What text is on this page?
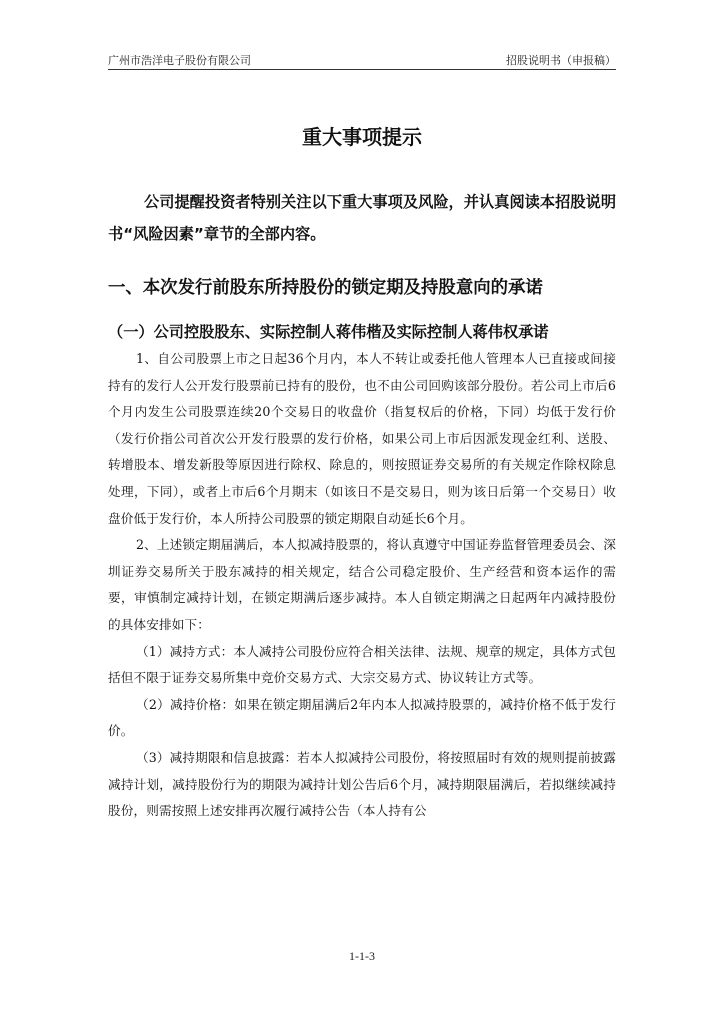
广州市浩洋电子股份有限公司	招股说明书（申报稿）
重大事项提示

公司提醒投资者特别关注以下重大事项及风险，并认真阅读本招股说明书“风险因素”章节的全部内容。

一、本次发行前股东所持股份的锁定期及持股意向的承诺
（一）公司控股股东、实际控制人蒋伟楷及实际控制人蒋伟权承诺

1、自公司股票上市之日起36个月内，本人不转让或委托他人管理本人已直接或间接持有的发行人公开发行股票前已持有的股份，也不由公司回购该部分股份。若公司上市后6个月内发生公司股票连续20个交易日的收盘价（指复权后的价格，下同）均低于发行价（发行价指公司首次公开发行股票的发行价格，如果公司上市后因派发现金红利、送股、转增股本、增发新股等原因进行除权、除息的，则按照证券交易所的有关规定作除权除息处理，下同），或者上市后6个月期末（如该日不是交易日，则为该日后第一个交易日）收盘价低于发行价，本人所持公司股票的锁定期限自动延长6个月。

2、上述锁定期届满后，本人拟减持股票的，将认真遵守中国证券监督管理委员会、深圳证券交易所关于股东减持的相关规定，结合公司稳定股价、生产经营和资本运作的需要，审慎制定减持计划，在锁定期满后逐步减持。本人自锁定期满之日起两年内减持股份的具体安排如下：

（1）减持方式：本人减持公司股份应符合相关法律、法规、规章的规定，具体方式包括但不限于证券交易所集中竞价交易方式、大宗交易方式、协议转让方式等。

（2）减持价格：如果在锁定期届满后2年内本人拟减持股票的，减持价格不低于发行价。

（3）减持期限和信息披露：若本人拟减持公司股份，将按照届时有效的规则提前披露减持计划，减持股份行为的期限为减持计划公告后6个月，减持期限届满后，若拟继续减持股份，则需按照上述安排再次履行减持公告（本人持有公

1-1-3
